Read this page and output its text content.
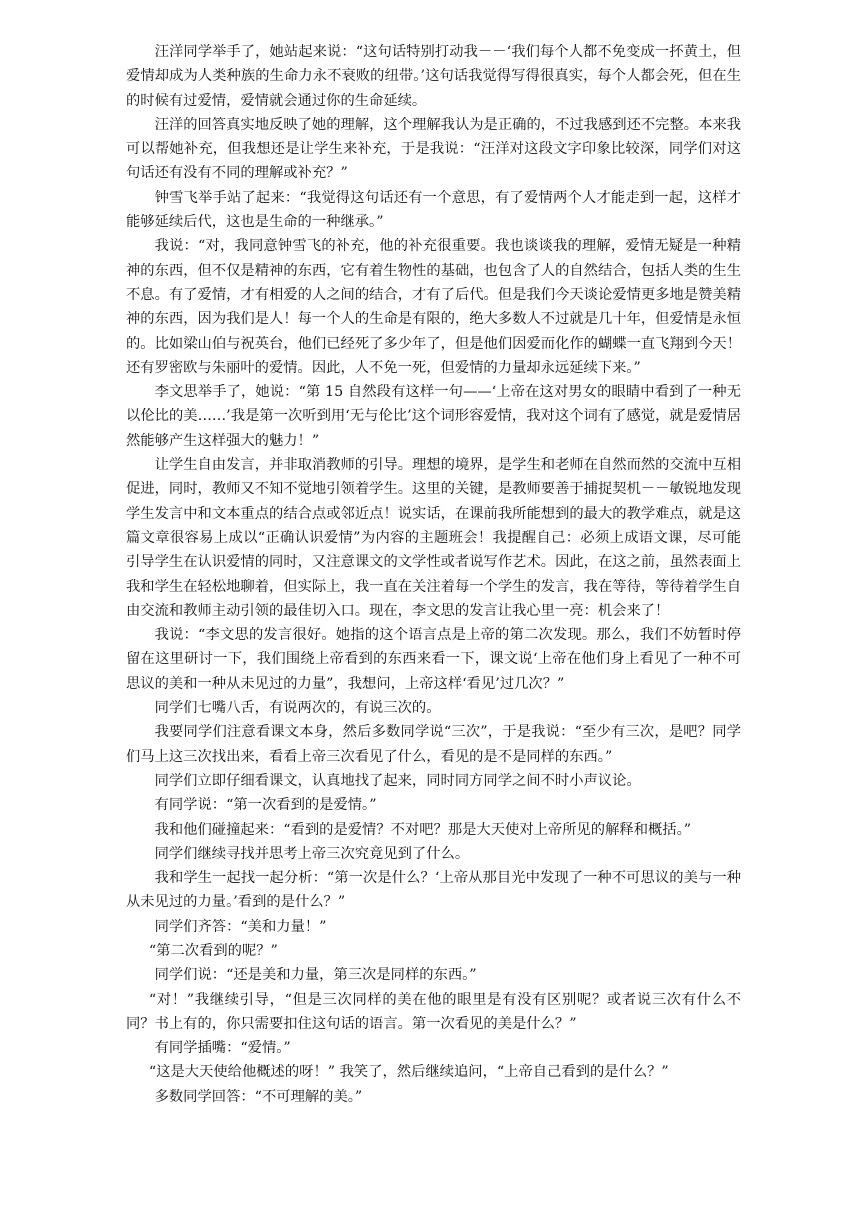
汪洋同学举手了，她站起来说：“这句话特别打动我－－‘我们每个人都不免变成一抔黄土，但爱情却成为人类种族的生命力永不衰败的纽带。’这句话我觉得写得很真实，每个人都会死，但在生的时候有过爱情，爱情就会通过你的生命延续。

汪洋的回答真实地反映了她的理解，这个理解我认为是正确的，不过我感到还不完整。本来我可以帮她补充，但我想还是让学生来补充，于是我说：“汪洋对这段文字印象比较深，同学们对这句话还有没有不同的理解或补充？”

钟雪飞举手站了起来：“我觉得这句话还有一个意思，有了爱情两个人才能走到一起，这样才能够延续后代，这也是生命的一种继承。”

我说：“对，我同意钟雪飞的补充，他的补充很重要。我也谈谈我的理解，爱情无疑是一种精神的东西，但不仅是精神的东西，它有着生物性的基础，也包含了人的自然结合，包括人类的生生不息。有了爱情，才有相爱的人之间的结合，才有了后代。但是我们今天谈论爱情更多地是赞美精神的东西，因为我们是人！每一个人的生命是有限的，绝大多数人不过就是几十年，但爱情是永恒的。比如梁山伯与祝英台，他们已经死了多少年了，但是他们因爱而化作的蝴蝶一直飞翔到今天！还有罗密欧与朱丽叶的爱情。因此，人不免一死，但爱情的力量却永远延续下来。”

李文思举手了，她说：“第 15 自然段有这样一句——‘上帝在这对男女的眼睛中看到了一种无以伦比的美……’我是第一次听到用‘无与伦比’这个词形容爱情，我对这个词有了感觉，就是爱情居然能够产生这样强大的魅力！”

让学生自由发言，并非取消教师的引导。理想的境界，是学生和老师在自然而然的交流中互相促进，同时，教师又不知不觉地引领着学生。这里的关键，是教师要善于捕捉契机－－敏锐地发现学生发言中和文本重点的结合点或邻近点！说实话，在课前我所能想到的最大的教学难点，就是这篇文章很容易上成以“正确认识爱情”为内容的主题班会！我提醒自己：必须上成语文课，尽可能引导学生在认识爱情的同时，又注意课文的文学性或者说写作艺术。因此，在这之前，虽然表面上我和学生在轻松地聊着，但实际上，我一直在关注着每一个学生的发言，我在等待，等待着学生自由交流和教师主动引领的最佳切入口。现在，李文思的发言让我心里一亮：机会来了！

我说：“李文思的发言很好。她指的这个语言点是上帝的第二次发现。那么，我们不妨暂时停留在这里研讨一下，我们围绕上帝看到的东西来看一下，课文说‘上帝在他们身上看见了一种不可思议的美和一种从未见过的力量”，我想问，上帝这样‘看见’过几次？”

同学们七嘴八舌，有说两次的，有说三次的。

我要同学们注意看课文本身，然后多数同学说“三次”，于是我说：“至少有三次，是吧？同学们马上这三次找出来，看看上帝三次看见了什么，看见的是不是同样的东西。”

同学们立即仔细看课文，认真地找了起来，同时同方同学之间不时小声议论。

有同学说：“第一次看到的是爱情。”

我和他们碰撞起来：“看到的是爱情？不对吧？那是大天使对上帝所见的解释和概括。”

同学们继续寻找并思考上帝三次究竟见到了什么。

我和学生一起找一起分析：“第一次是什么？‘上帝从那目光中发现了一种不可思议的美与一种从未见过的力量。’看到的是什么？”

同学们齐答：“美和力量！”

“第二次看到的呢？”

同学们说：“还是美和力量，第三次是同样的东西。”

“对！”我继续引导，“但是三次同样的美在他的眼里是有没有区别呢？或者说三次有什么不同？书上有的，你只需要扣住这句话的语言。第一次看见的美是什么？”

有同学插嘴：“爱情。”

“这是大天使给他概述的呀！” 我笑了，然后继续追问，“上帝自己看到的是什么？”

多数同学回答：“不可理解的美。”
